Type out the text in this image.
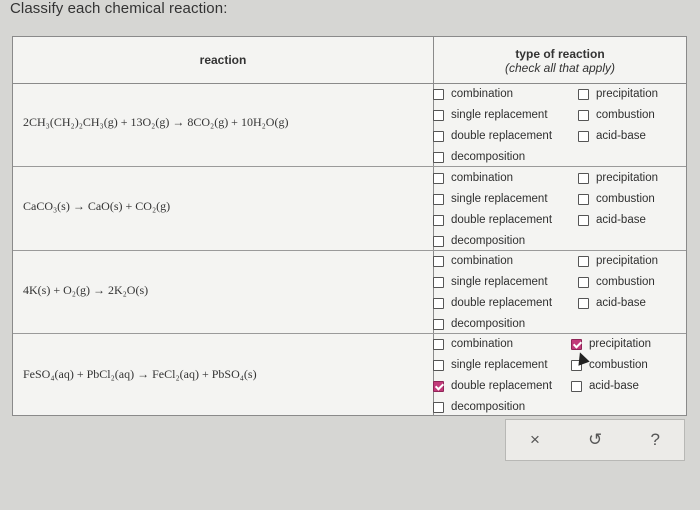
Classify each chemical reaction:
reaction	type of reaction
(check all that apply)
2CH₃(CH₂)₂CH₃(g) + 13O₂(g) → 8CO₂(g) + 10H₂O(g)
combination
single replacement
double replacement
decomposition
precipitation
combustion
acid-base
CaCO₃(s) → CaO(s) + CO₂(g)
combination
single replacement
double replacement
decomposition
precipitation
combustion
acid-base
4K(s) + O₂(g) → 2K₂O(s)
combination
single replacement
double replacement
decomposition
precipitation
combustion
acid-base
FeSO₄(aq) + PbCl₂(aq) → FeCl₂(aq) + PbSO₄(s)
combination
single replacement
double replacement
decomposition
precipitation
combustion
acid-base
×	↺	?
